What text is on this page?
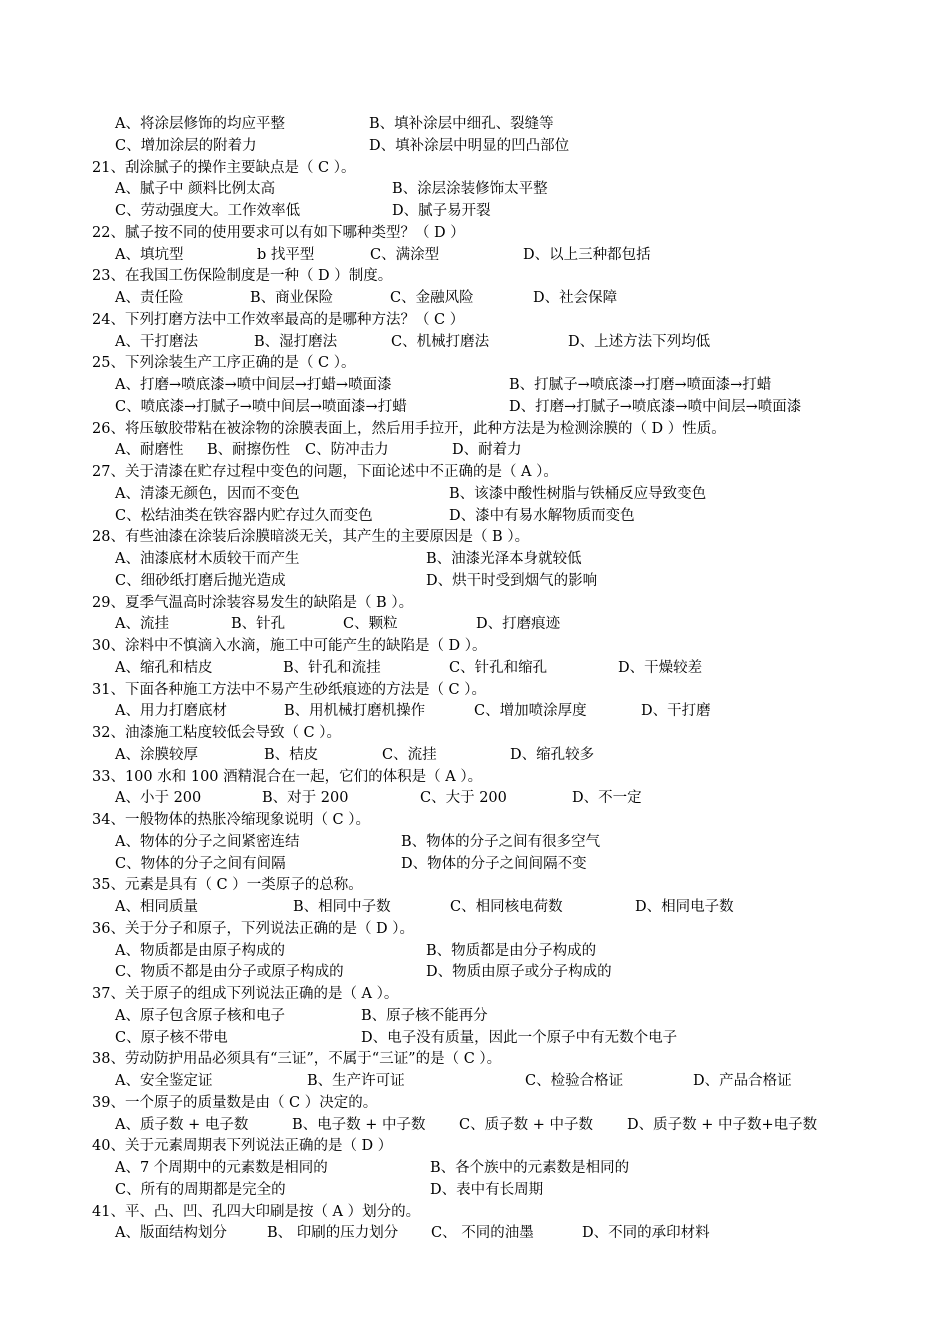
A、将涂层修饰的均应平整	B、填补涂层中细孔、裂缝等
C、增加涂层的附着力	D、填补涂层中明显的凹凸部位
21、刮涂腻子的操作主要缺点是（ C ）。
A、腻子中 颜料比例太高	B、涂层涂装修饰太平整
C、劳动强度大。工作效率低	D、腻子易开裂
22、腻子按不同的使用要求可以有如下哪种类型？（ D ）
A、填坑型	b 找平型	C、满涂型	D、以上三种都包括
23、在我国工伤保险制度是一种（ D ）制度。
A、责任险	B、商业保险	C、金融风险	D、社会保障
24、下列打磨方法中工作效率最高的是哪种方法？（ C ）
A、干打磨法	B、湿打磨法	C、机械打磨法	D、上述方法下列均低
25、下列涂装生产工序正确的是（ C ）。
A、打磨→喷底漆→喷中间层→打蜡→喷面漆	B、打腻子→喷底漆→打磨→喷面漆→打蜡
C、喷底漆→打腻子→喷中间层→喷面漆→打蜡	D、打磨→打腻子→喷底漆→喷中间层→喷面漆
26、将压敏胶带粘在被涂物的涂膜表面上，然后用手拉开，此种方法是为检测涂膜的（ D ）性质。
A、耐磨性 B、耐擦伤性 C、防冲击力	D、耐着力
27、关于清漆在贮存过程中变色的问题，下面论述中不正确的是（ A ）。
A、清漆无颜色，因而不变色	B、该漆中酸性树脂与铁桶反应导致变色
C、松结油类在铁容器内贮存过久而变色	D、漆中有易水解物质而变色
28、有些油漆在涂装后涂膜暗淡无关，其产生的主要原因是（ B ）。
A、油漆底材木质较干而产生	B、油漆光泽本身就较低
C、细砂纸打磨后抛光造成	D、烘干时受到烟气的影响
29、夏季气温高时涂装容易发生的缺陷是（ B ）。
A、流挂	B、针孔	C、颗粒	D、打磨痕迹
30、涂料中不慎滴入水滴，施工中可能产生的缺陷是（ D ）。
A、缩孔和桔皮	B、针孔和流挂	C、针孔和缩孔	D、干燥较差
31、下面各种施工方法中不易产生砂纸痕迹的方法是（ C ）。
A、用力打磨底材	B、用机械打磨机操作	C、增加喷涂厚度	D、干打磨
32、油漆施工粘度较低会导致（ C ）。
A、涂膜较厚	B、桔皮	C、流挂	D、缩孔较多
33、100 水和 100 酒精混合在一起，它们的体积是（ A ）。
A、小于 200	B、对于 200	C、大于 200	D、不一定
34、一般物体的热胀冷缩现象说明（ C ）。
A、物体的分子之间紧密连结	B、物体的分子之间有很多空气
C、物体的分子之间有间隔	D、物体的分子之间间隔不变
35、元素是具有（ C ）一类原子的总称。
A、相同质量	B、相同中子数	C、相同核电荷数	D、相同电子数
36、关于分子和原子，下列说法正确的是（ D ）。
A、物质都是由原子构成的	B、物质都是由分子构成的
C、物质不都是由分子或原子构成的	D、物质由原子或分子构成的
37、关于原子的组成下列说法正确的是（ A ）。
A、原子包含原子核和电子	B、原子核不能再分
C、原子核不带电	D、电子没有质量，因此一个原子中有无数个电子
38、劳动防护用品必须具有“三证”，不属于“三证”的是（ C ）。
A、安全鉴定证	B、生产许可证	C、检验合格证	D、产品合格证
39、一个原子的质量数是由（ C ）决定的。
A、质子数 + 电子数	B、电子数 + 中子数 C、质子数 + 中子数 D、质子数 + 中子数+电子数
40、关于元素周期表下列说法正确的是（ D ）
A、7 个周期中的元素数是相同的	B、各个族中的元素数是相同的
C、所有的周期都是完全的	D、表中有长周期
41、平、凸、凹、孔四大印刷是按（ A ）划分的。
A、版面结构划分	B、 印刷的压力划分 C、 不同的油墨	D、不同的承印材料
